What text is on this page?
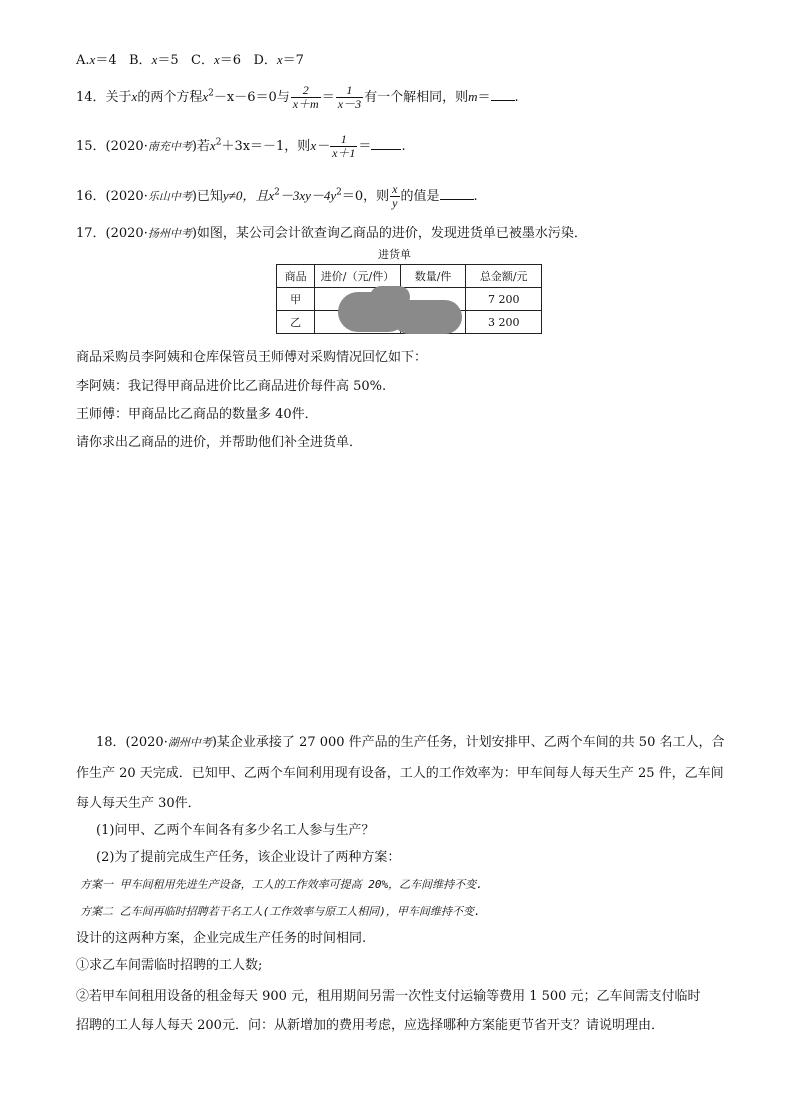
A.x＝4 B．x＝5 C．x＝6 D．x＝7
14．关于x的两个方程$x^2-x-6=0$与 $\frac{2}{x+m} = \frac{1}{x-3}$ 有一个解相同，则m＝ .
15．(2020·南充中考)若$x^2+3x=-1$，则$x- \frac{1}{x+1}$ ＝ .
16．(2020·乐山中考)已知y≠0，且$x^2-3xy-4y^2=0$，则 $\frac{x}{y}$ 的值是	.
17．(2020·扬州中考)如图，某公司会计欲查询乙商品的进价，发现进货单已被墨水污染．
进货单
商品	进价/（元/件）	数量/件	总金额/元
甲			7 200
乙			3 200
商品采购员李阿姨和仓库保管员王师傅对采购情况回忆如下：
李阿姨：我记得甲商品进价比乙商品进价每件高 50%.
王师傅：甲商品比乙商品的数量多 40件．
请你求出乙商品的进价，并帮助他们补全进货单．
18．(2020·湖州中考)某企业承接了 27 000 件产品的生产任务，计划安排甲、乙两个车间的共 50 名工人，合
作生产 20 天完成．已知甲、乙两个车间利用现有设备，工人的工作效率为：甲车间每人每天生产 25 件，乙车间
每人每天生产 30件．
(1)问甲、乙两个车间各有多少名工人参与生产？
(2)为了提前完成生产任务，该企业设计了两种方案：
方案一 甲车间租用先进生产设备，工人的工作效率可提高 20%，乙车间维持不变.
方案二 乙车间再临时招聘若干名工人(工作效率与原工人相同)，甲车间维持不变.
设计的这两种方案，企业完成生产任务的时间相同.
①求乙车间需临时招聘的工人数;
②若甲车间租用设备的租金每天 900 元，租用期间另需一次性支付运输等费用 1 500 元；乙车间需支付临时
招聘的工人每人每天 200元．问：从新增加的费用考虑，应选择哪种方案能更节省开支？请说明理由．
